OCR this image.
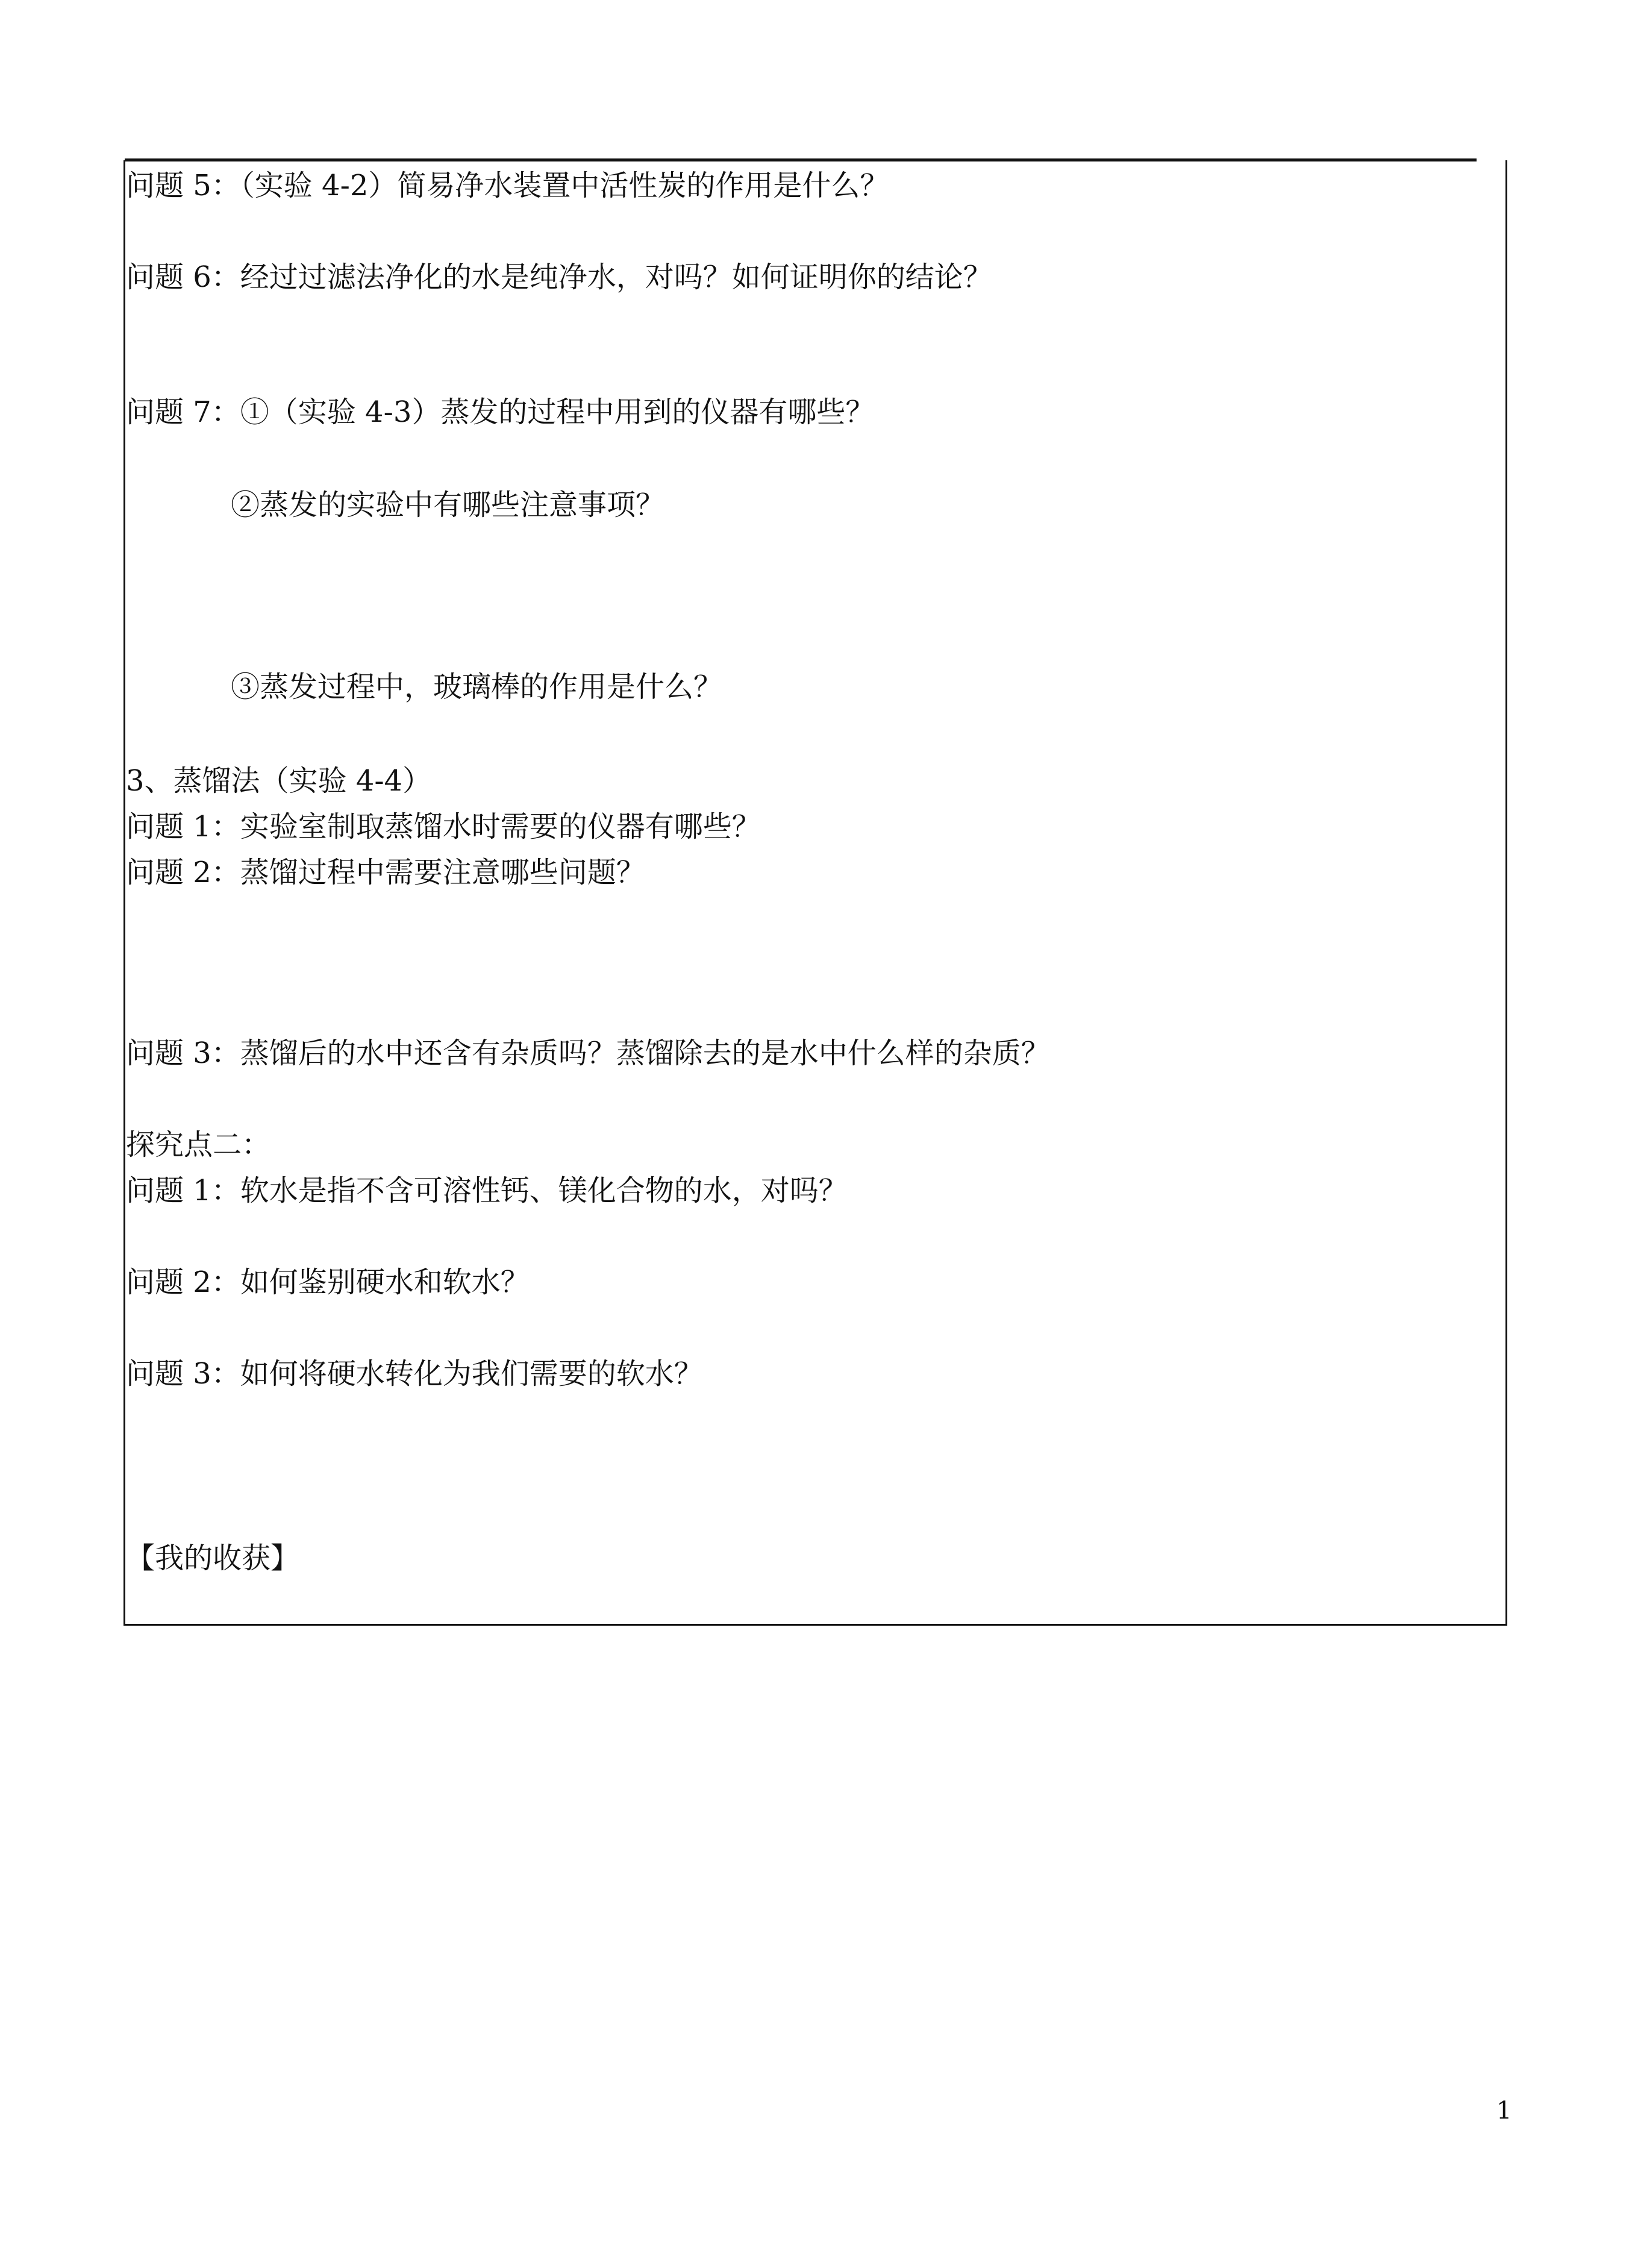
问题 5：（实验 4-2）简易净水装置中活性炭的作用是什么？
问题 6：经过过滤法净化的水是纯净水，对吗？如何证明你的结论？
问题 7：①（实验 4-3）蒸发的过程中用到的仪器有哪些？
②蒸发的实验中有哪些注意事项？
③蒸发过程中，玻璃棒的作用是什么？
3、蒸馏法（实验 4-4）
问题 1：实验室制取蒸馏水时需要的仪器有哪些？
问题 2：蒸馏过程中需要注意哪些问题？
问题 3：蒸馏后的水中还含有杂质吗？蒸馏除去的是水中什么样的杂质？
探究点二：
问题 1：软水是指不含可溶性钙、镁化合物的水，对吗？
问题 2：如何鉴别硬水和软水？
问题 3：如何将硬水转化为我们需要的软水？
【我的收获】
1
